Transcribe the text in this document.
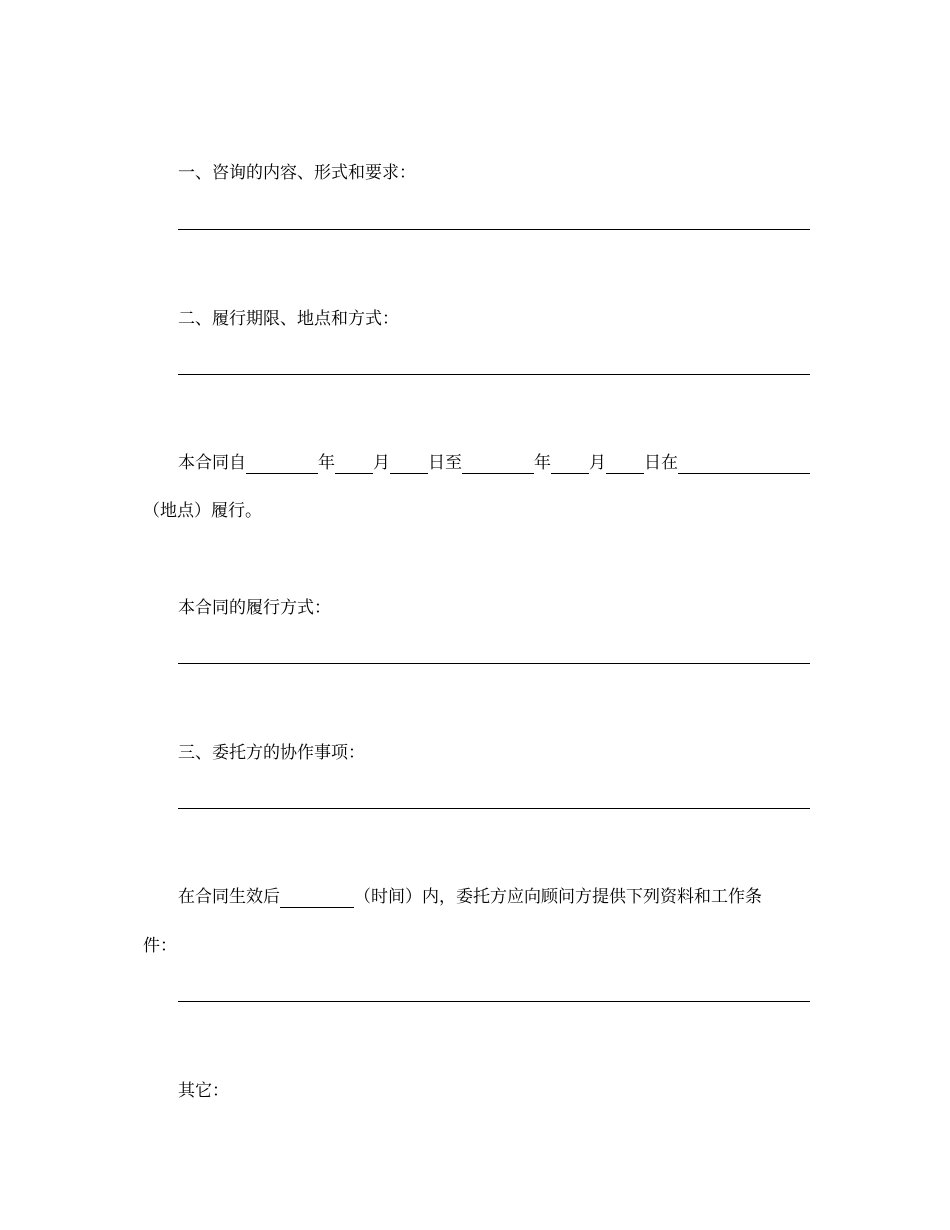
一、咨询的内容、形式和要求：
二、履行期限、地点和方式：
本合同自	年 月 日至	年 月 日在
（地点）履行。
本合同的履行方式：
三、委托方的协作事项：
在合同生效后	（时间）内，委托方应向顾问方提供下列资料和工作条
件：
其它：
